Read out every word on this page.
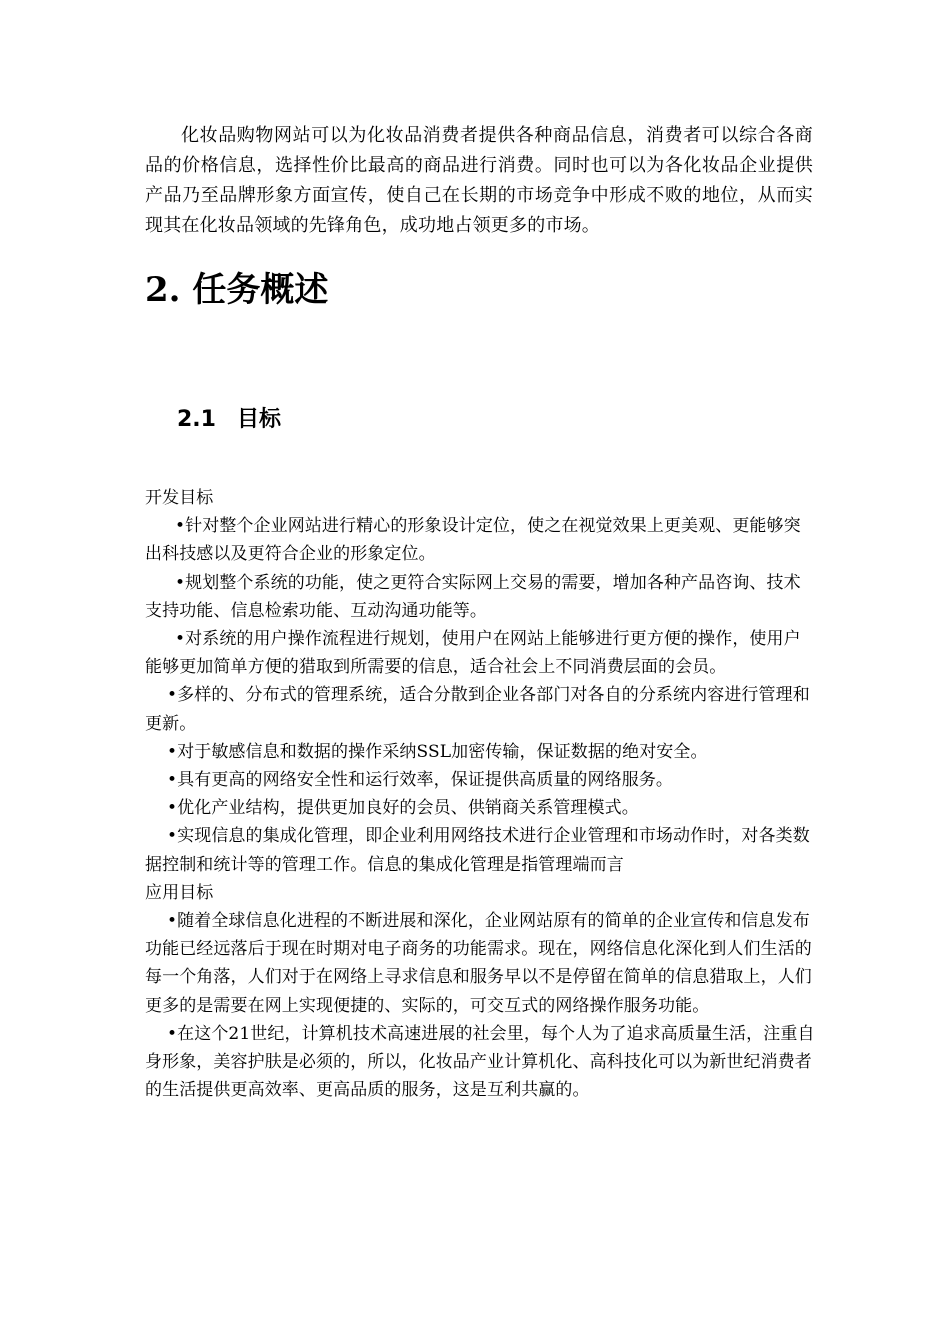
化妆品购物网站可以为化妆品消费者提供各种商品信息，消费者可以综合各商品的价格信息，选择性价比最高的商品进行消费。同时也可以为各化妆品企业提供产品乃至品牌形象方面宣传，使自己在长期的市场竞争中形成不败的地位，从而实现其在化妆品领域的先锋角色，成功地占领更多的市场。

2. 任务概述
2.1 目标

开发目标

•针对整个企业网站进行精心的形象设计定位，使之在视觉效果上更美观、更能够突出科技感以及更符合企业的形象定位。

•规划整个系统的功能，使之更符合实际网上交易的需要，增加各种产品咨询、技术支持功能、信息检索功能、互动沟通功能等。

•对系统的用户操作流程进行规划，使用户在网站上能够进行更方便的操作，使用户能够更加简单方便的猎取到所需要的信息，适合社会上不同消费层面的会员。

•多样的、分布式的管理系统，适合分散到企业各部门对各自的分系统内容进行管理和更新。

•对于敏感信息和数据的操作采纳SSL加密传输，保证数据的绝对安全。

•具有更高的网络安全性和运行效率，保证提供高质量的网络服务。

•优化产业结构，提供更加良好的会员、供销商关系管理模式。

•实现信息的集成化管理，即企业利用网络技术进行企业管理和市场动作时，对各类数据控制和统计等的管理工作。信息的集成化管理是指管理端而言

应用目标

•随着全球信息化进程的不断进展和深化，企业网站原有的简单的企业宣传和信息发布功能已经远落后于现在时期对电子商务的功能需求。现在，网络信息化深化到人们生活的每一个角落，人们对于在网络上寻求信息和服务早以不是停留在简单的信息猎取上，人们更多的是需要在网上实现便捷的、实际的，可交互式的网络操作服务功能。

•在这个21世纪，计算机技术高速进展的社会里，每个人为了追求高质量生活，注重自身形象，美容护肤是必须的，所以，化妆品产业计算机化、高科技化可以为新世纪消费者的生活提供更高效率、更高品质的服务，这是互利共赢的。
